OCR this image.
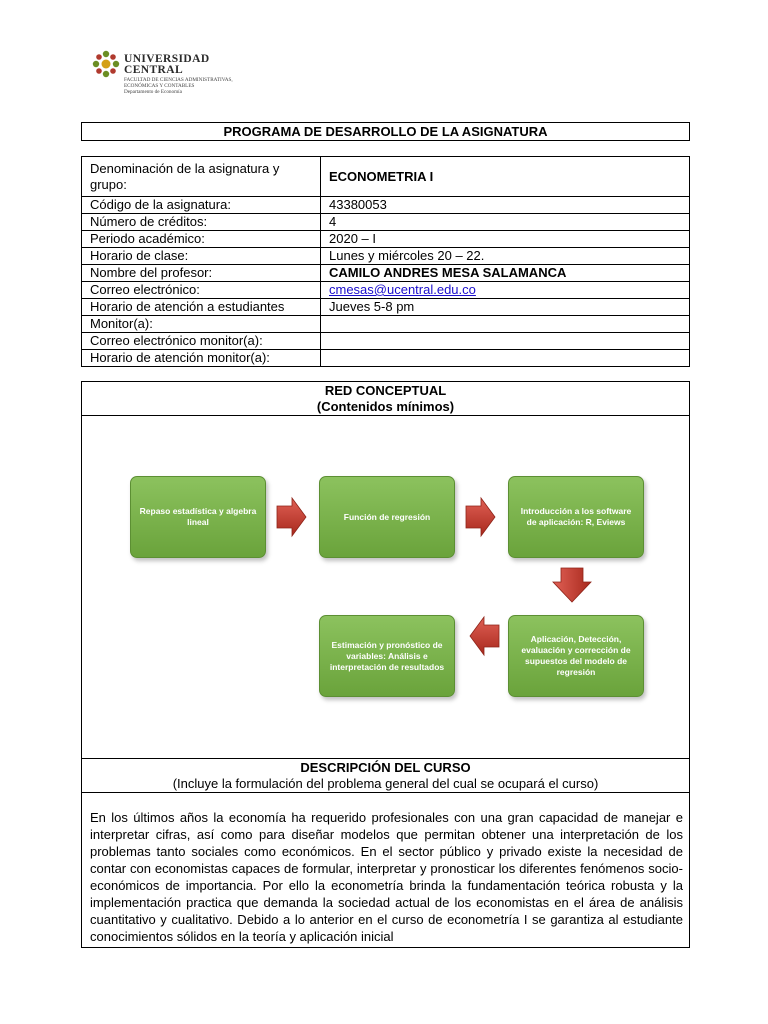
UNIVERSIDAD
CENTRAL
FACULTAD DE CIENCIAS ADMINISTRATIVAS,
ECONÓMICAS Y CONTABLES
Departamento de Economía
PROGRAMA DE DESARROLLO DE LA ASIGNATURA
Denominación de la asignatura y grupo:	ECONOMETRIA I
Código de la asignatura:	43380053
Número de créditos:	4
Periodo académico:	2020 – I
Horario de clase:	Lunes y miércoles 20 – 22.
Nombre del profesor:	CAMILO ANDRES MESA SALAMANCA
Correo electrónico:	cmesas@ucentral.edu.co
Horario de atención a estudiantes	Jueves 5-8 pm
Monitor(a):	
Correo electrónico monitor(a):	
Horario de atención monitor(a):	
RED CONCEPTUAL
(Contenidos mínimos)
Repaso estadística y algebra lineal
Función de regresión
Introducción a los software de aplicación: R, Eviews
Aplicación, Detección, evaluación y corrección de supuestos del modelo de regresión
Estimación y pronóstico de variables: Análisis e interpretación de resultados
DESCRIPCIÓN DEL CURSO
(Incluye la formulación del problema general del cual se ocupará el curso)
En los últimos años la economía ha requerido profesionales con una gran capacidad de manejar e interpretar cifras, así como para diseñar modelos que permitan obtener una interpretación de los problemas tanto sociales como económicos. En el sector público y privado existe la necesidad de contar con economistas capaces de formular, interpretar y pronosticar los diferentes fenómenos socio-económicos de importancia. Por ello la econometría brinda la fundamentación teórica robusta y la implementación practica que demanda la sociedad actual de los economistas en el área de análisis cuantitativo y cualitativo. Debido a lo anterior en el curso de econometría I se garantiza al estudiante conocimientos sólidos en la teoría y aplicación inicial
